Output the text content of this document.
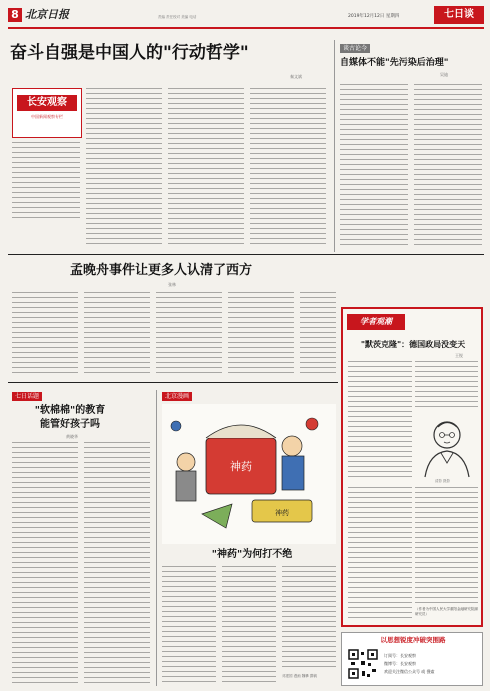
8 北京日报	责编 责任校对 美编 电话	2019年12月12日 星期四	七日谈
奋斗自强是中国人的"行动哲学"
秦文斌
长安观察
中国新闻观察专栏
谈古论今
自媒体不能"先污染后治理"
吴迪
孟晚舟事件让更多人认清了西方
张林
学者观潮
"默茨克隆"：德国政局没变天
王锐
清影 摄影
（作者为中国人民大学重阳金融研究院副研究员）
七日话题
"软棉棉"的教育
能管好孩子吗
黄晓华
北京漫画
神药
神药
"神药"为何打不绝
邓建国 漫画 魏攀 撰稿
以思想锐度冲破突围路
订阅号：长安观察
微博号：长安观察
欢迎关注微信公众号 或 搜索
